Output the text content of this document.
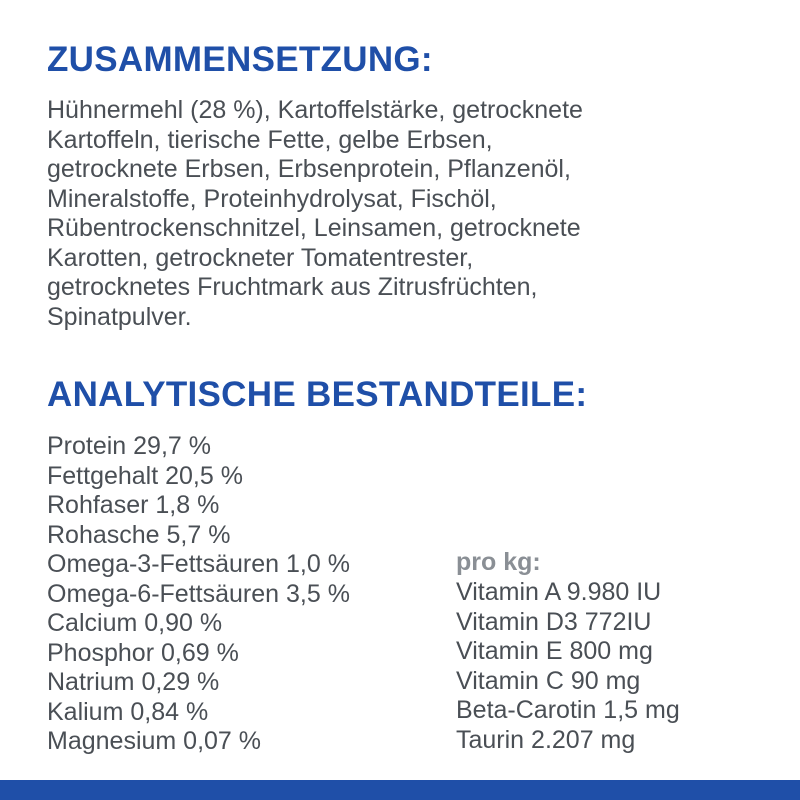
ZUSAMMENSETZUNG:

Hühnermehl (28 %), Kartoffelstärke, getrocknete
Kartoffeln, tierische Fette, gelbe Erbsen,
getrocknete Erbsen, Erbsenprotein, Pflanzenöl,
Mineralstoffe, Proteinhydrolysat, Fischöl,
Rübentrockenschnitzel, Leinsamen, getrocknete
Karotten, getrockneter Tomatentrester,
getrocknetes Fruchtmark aus Zitrusfrüchten,
Spinatpulver.

ANALYTISCHE BESTANDTEILE:
Protein 29,7 %
Fettgehalt 20,5 %
Rohfaser 1,8 %
Rohasche 5,7 %
Omega-3-Fettsäuren 1,0 %
Omega-6-Fettsäuren 3,5 %
Calcium 0,90 %
Phosphor 0,69 %
Natrium 0,29 %
Kalium 0,84 %
Magnesium 0,07 %
pro kg:
Vitamin A 9.980 IU
Vitamin D3 772IU
Vitamin E 800 mg
Vitamin C 90 mg
Beta-Carotin 1,5 mg
Taurin 2.207 mg
